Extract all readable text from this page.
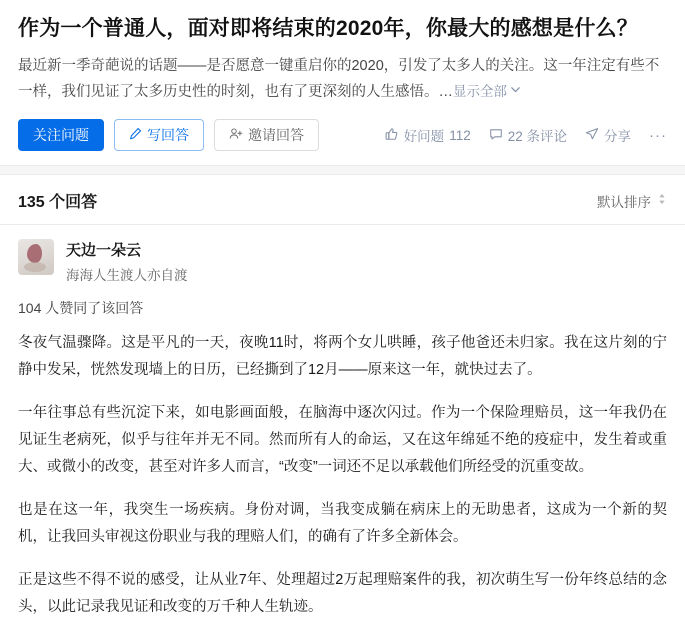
作为一个普通人，面对即将结束的2020年，你最大的感想是什么？
最近新一季奇葩说的话题——是否愿意一键重启你的2020，引发了太多人的关注。这一年注定有些不一样，我们见证了太多历史性的时刻，也有了更深刻的人生感悟。…显示全部
关注问题	写回答	邀请回答	好问题 112	22 条评论	分享 ···
135 个回答	默认排序
天边一朵云
海海人生渡人亦自渡
104 人赞同了该回答

冬夜气温骤降。这是平凡的一天，夜晚11时，将两个女儿哄睡，孩子他爸还未归家。我在这片刻的宁静中发呆，恍然发现墙上的日历，已经撕到了12月——原来这一年，就快过去了。

一年往事总有些沉淀下来，如电影画面般，在脑海中逐次闪过。作为一个保险理赔员，这一年我仍在见证生老病死，似乎与往年并无不同。然而所有人的命运，又在这年绵延不绝的疫症中，发生着或重大、或微小的改变，甚至对许多人而言，“改变”一词还不足以承载他们所经受的沉重变故。

也是在这一年，我突生一场疾病。身份对调，当我变成躺在病床上的无助患者，这成为一个新的契机，让我回头审视这份职业与我的理赔人们，的确有了许多全新体会。

正是这些不得不说的感受，让从业7年、处理超过2万起理赔案件的我，初次萌生写一份年终总结的念头，以此记录我见证和改变的万千种人生轨迹。
